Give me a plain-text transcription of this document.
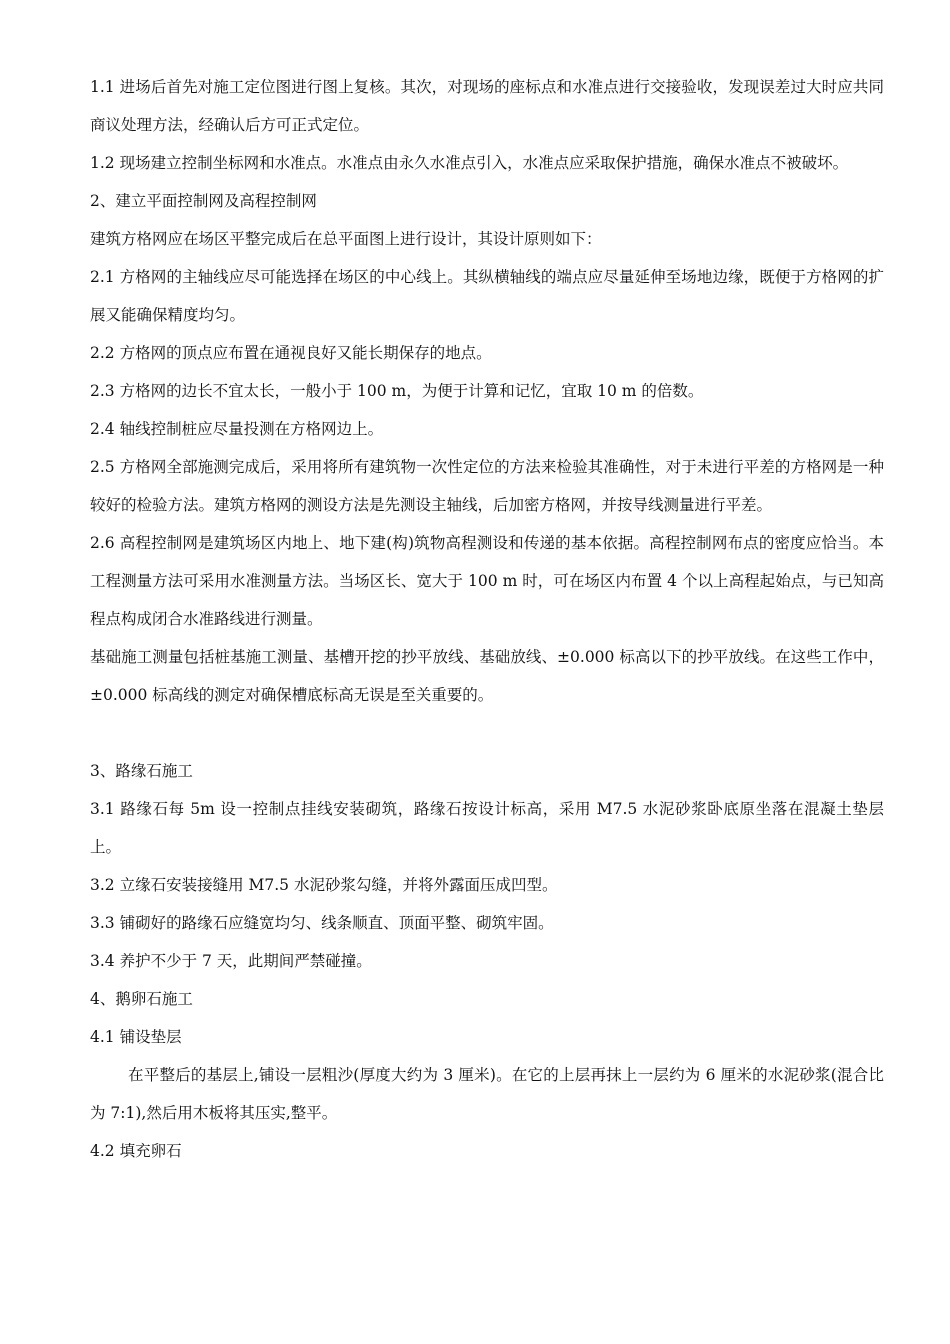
1.1 进场后首先对施工定位图进行图上复核。其次，对现场的座标点和水准点进行交接验收，发现误差过大时应共同商议处理方法，经确认后方可正式定位。

1.2 现场建立控制坐标网和水准点。水准点由永久水准点引入，水准点应采取保护措施，确保水准点不被破坏。

2、建立平面控制网及高程控制网

建筑方格网应在场区平整完成后在总平面图上进行设计，其设计原则如下：

2.1 方格网的主轴线应尽可能选择在场区的中心线上。其纵横轴线的端点应尽量延伸至场地边缘，既便于方格网的扩展又能确保精度均匀。

2.2 方格网的顶点应布置在通视良好又能长期保存的地点。

2.3 方格网的边长不宜太长，一般小于 100 m，为便于计算和记忆，宜取 10 m 的倍数。

2.4 轴线控制桩应尽量投测在方格网边上。

2.5 方格网全部施测完成后，采用将所有建筑物一次性定位的方法来检验其准确性，对于未进行平差的方格网是一种较好的检验方法。建筑方格网的测设方法是先测设主轴线，后加密方格网，并按导线测量进行平差。

2.6 高程控制网是建筑场区内地上、地下建(构)筑物高程测设和传递的基本依据。高程控制网布点的密度应恰当。本工程测量方法可采用水准测量方法。当场区长、宽大于 100 m 时，可在场区内布置 4 个以上高程起始点，与已知高程点构成闭合水准路线进行测量。

基础施工测量包括桩基施工测量、基槽开挖的抄平放线、基础放线、±0.000 标高以下的抄平放线。在这些工作中，±0.000 标高线的测定对确保槽底标高无误是至关重要的。

3、路缘石施工

3.1 路缘石每 5m 设一控制点挂线安装砌筑，路缘石按设计标高，采用 M7.5 水泥砂浆卧底原坐落在混凝土垫层上。

3.2 立缘石安装接缝用 M7.5 水泥砂浆勾缝，并将外露面压成凹型。

3.3 铺砌好的路缘石应缝宽均匀、线条顺直、顶面平整、砌筑牢固。

3.4 养护不少于 7 天，此期间严禁碰撞。

4、鹅卵石施工

4.1 铺设垫层

在平整后的基层上,铺设一层粗沙(厚度大约为 3 厘米)。在它的上层再抹上一层约为 6 厘米的水泥砂浆(混合比为 7:1),然后用木板将其压实,整平。

4.2 填充卵石
